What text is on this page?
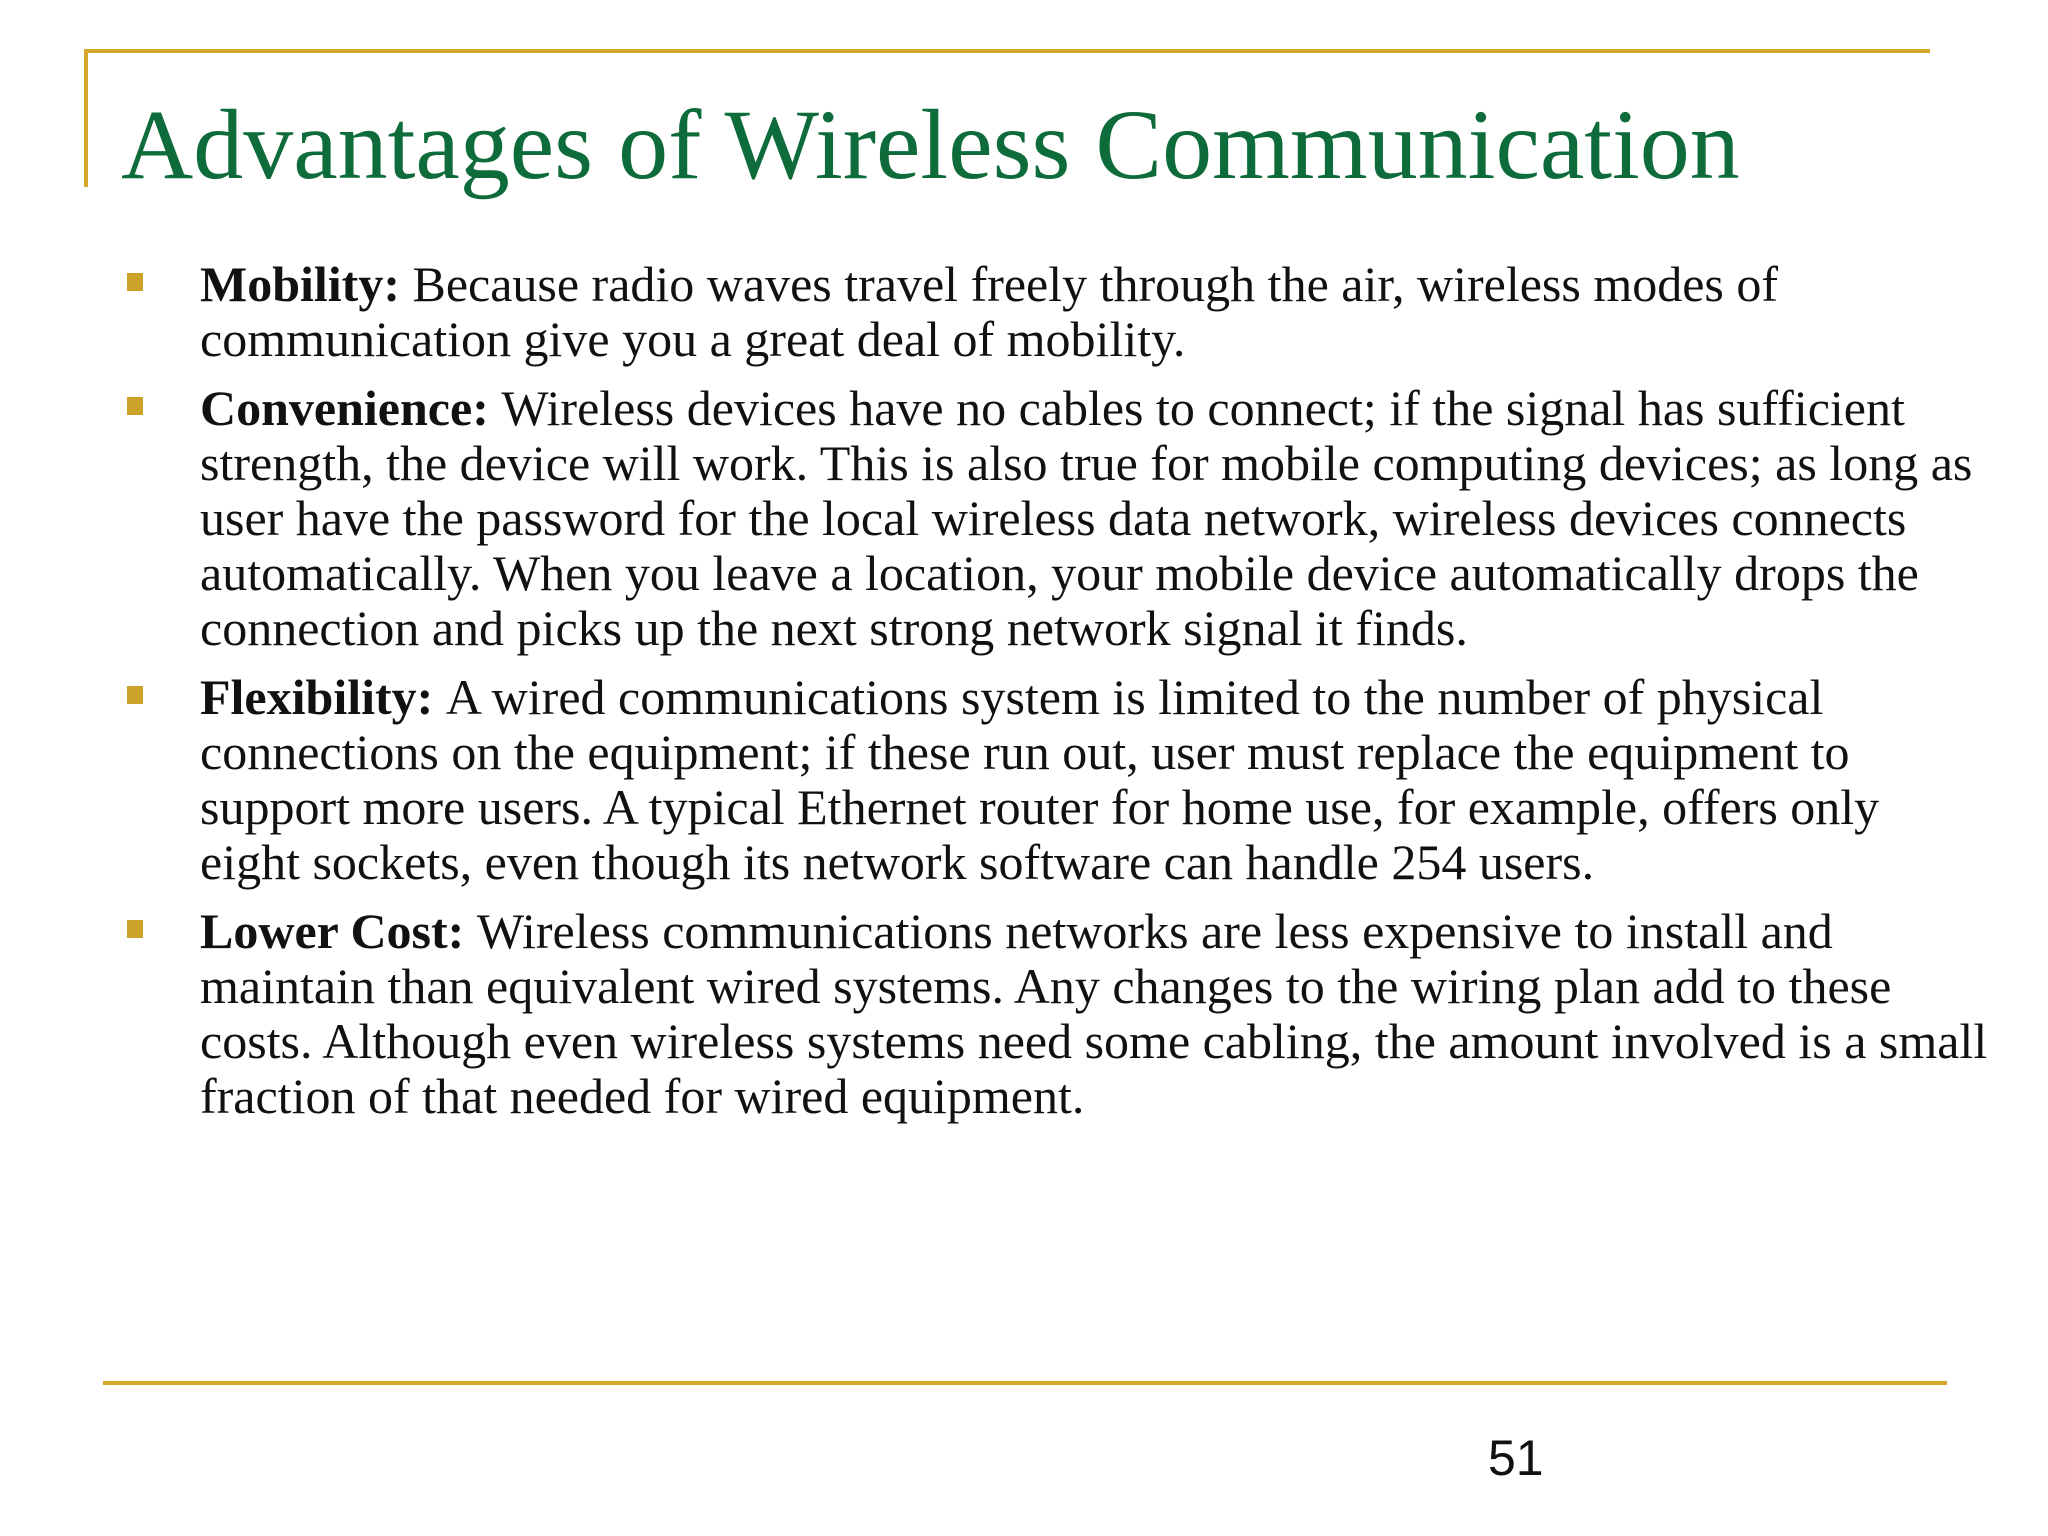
Advantages of Wireless Communication
Mobility: Because radio waves travel freely through the air, wireless modes of communication give you a great deal of mobility.
Convenience: Wireless devices have no cables to connect; if the signal has sufficient strength, the device will work. This is also true for mobile computing devices; as long as user have the password for the local wireless data network, wireless devices connects automatically. When you leave a location, your mobile device automatically drops the connection and picks up the next strong network signal it finds.
Flexibility: A wired communications system is limited to the number of physical connections on the equipment; if these run out, user must replace the equipment to support more users. A typical Ethernet router for home use, for example, offers only eight sockets, even though its network software can handle 254 users.
Lower Cost: Wireless communications networks are less expensive to install and maintain than equivalent wired systems. Any changes to the wiring plan add to these costs. Although even wireless systems need some cabling, the amount involved is a small fraction of that needed for wired equipment.
51
